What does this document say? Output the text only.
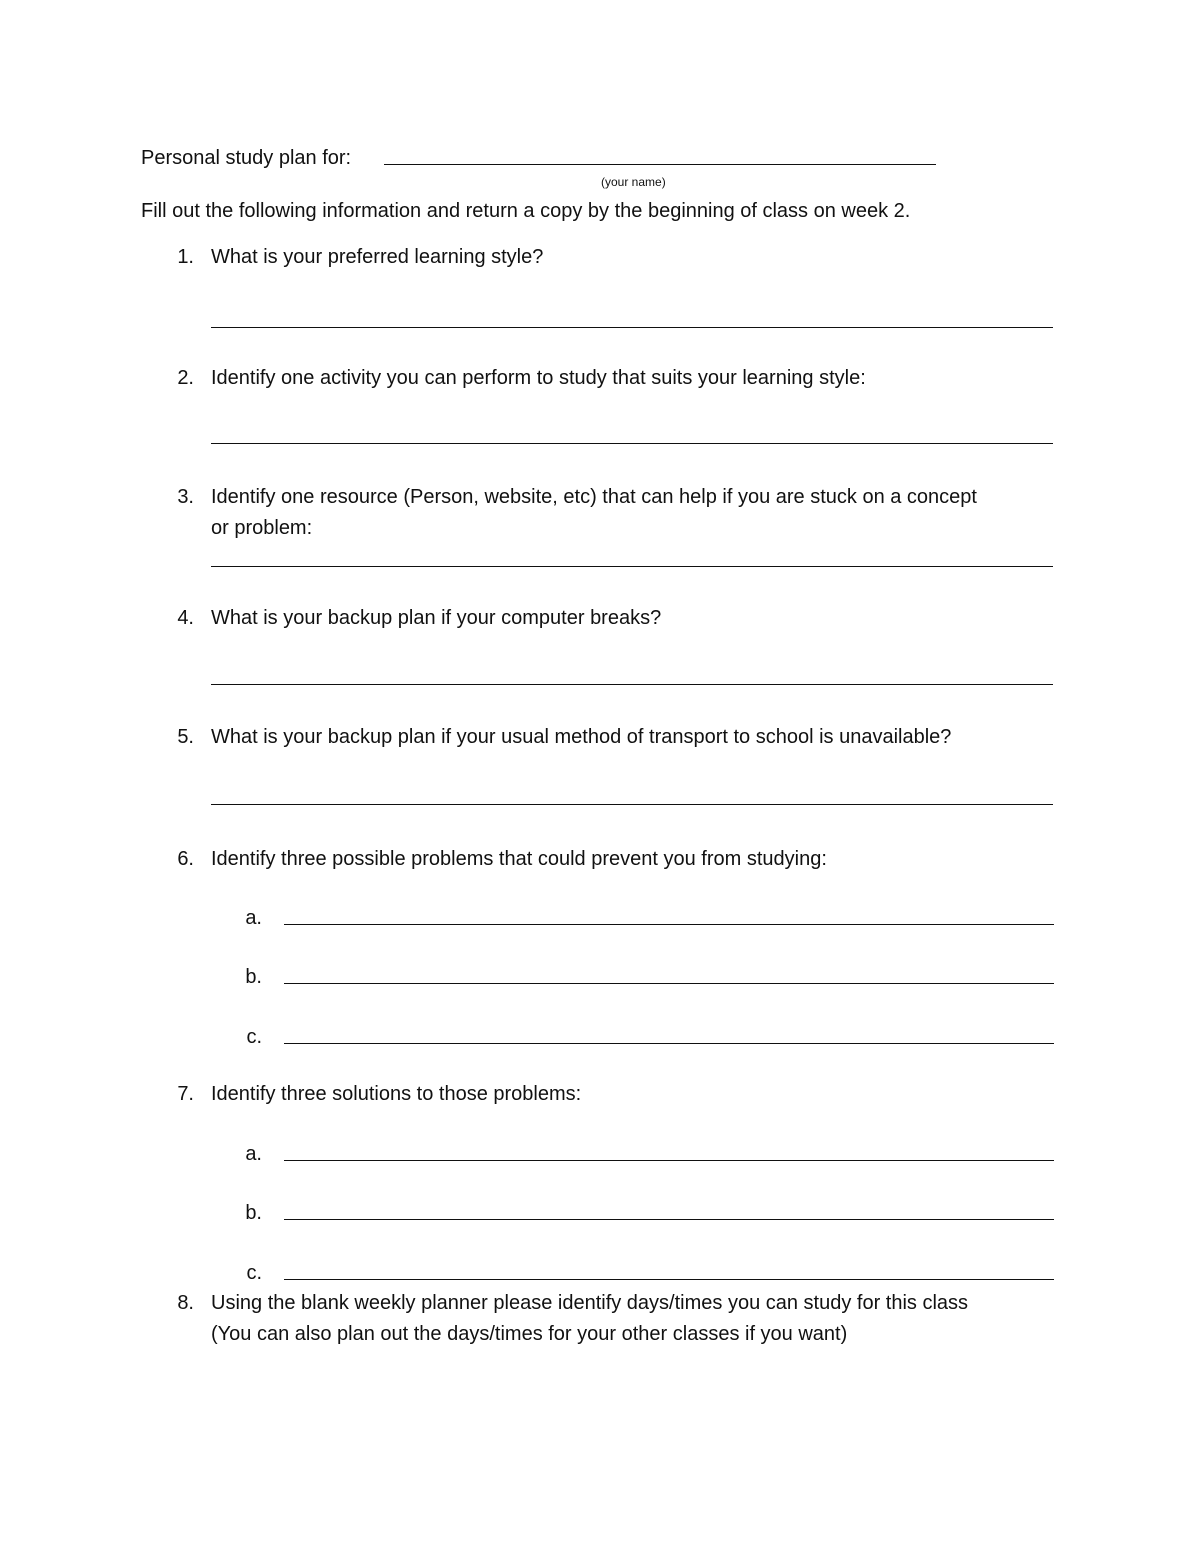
Personal study plan for:
(your name)
Fill out the following information and return a copy by the beginning of class on week 2.
1. What is your preferred learning style?
2. Identify one activity you can perform to study that suits your learning style:
3. Identify one resource (Person, website, etc) that can help if you are stuck on a concept
or problem:
4. What is your backup plan if your computer breaks?
5. What is your backup plan if your usual method of transport to school is unavailable?
6. Identify three possible problems that could prevent you from studying:
a.
b.
c.
7. Identify three solutions to those problems:
a.
b.
c.
8. Using the blank weekly planner please identify days/times you can study for this class
(You can also plan out the days/times for your other classes if you want)
